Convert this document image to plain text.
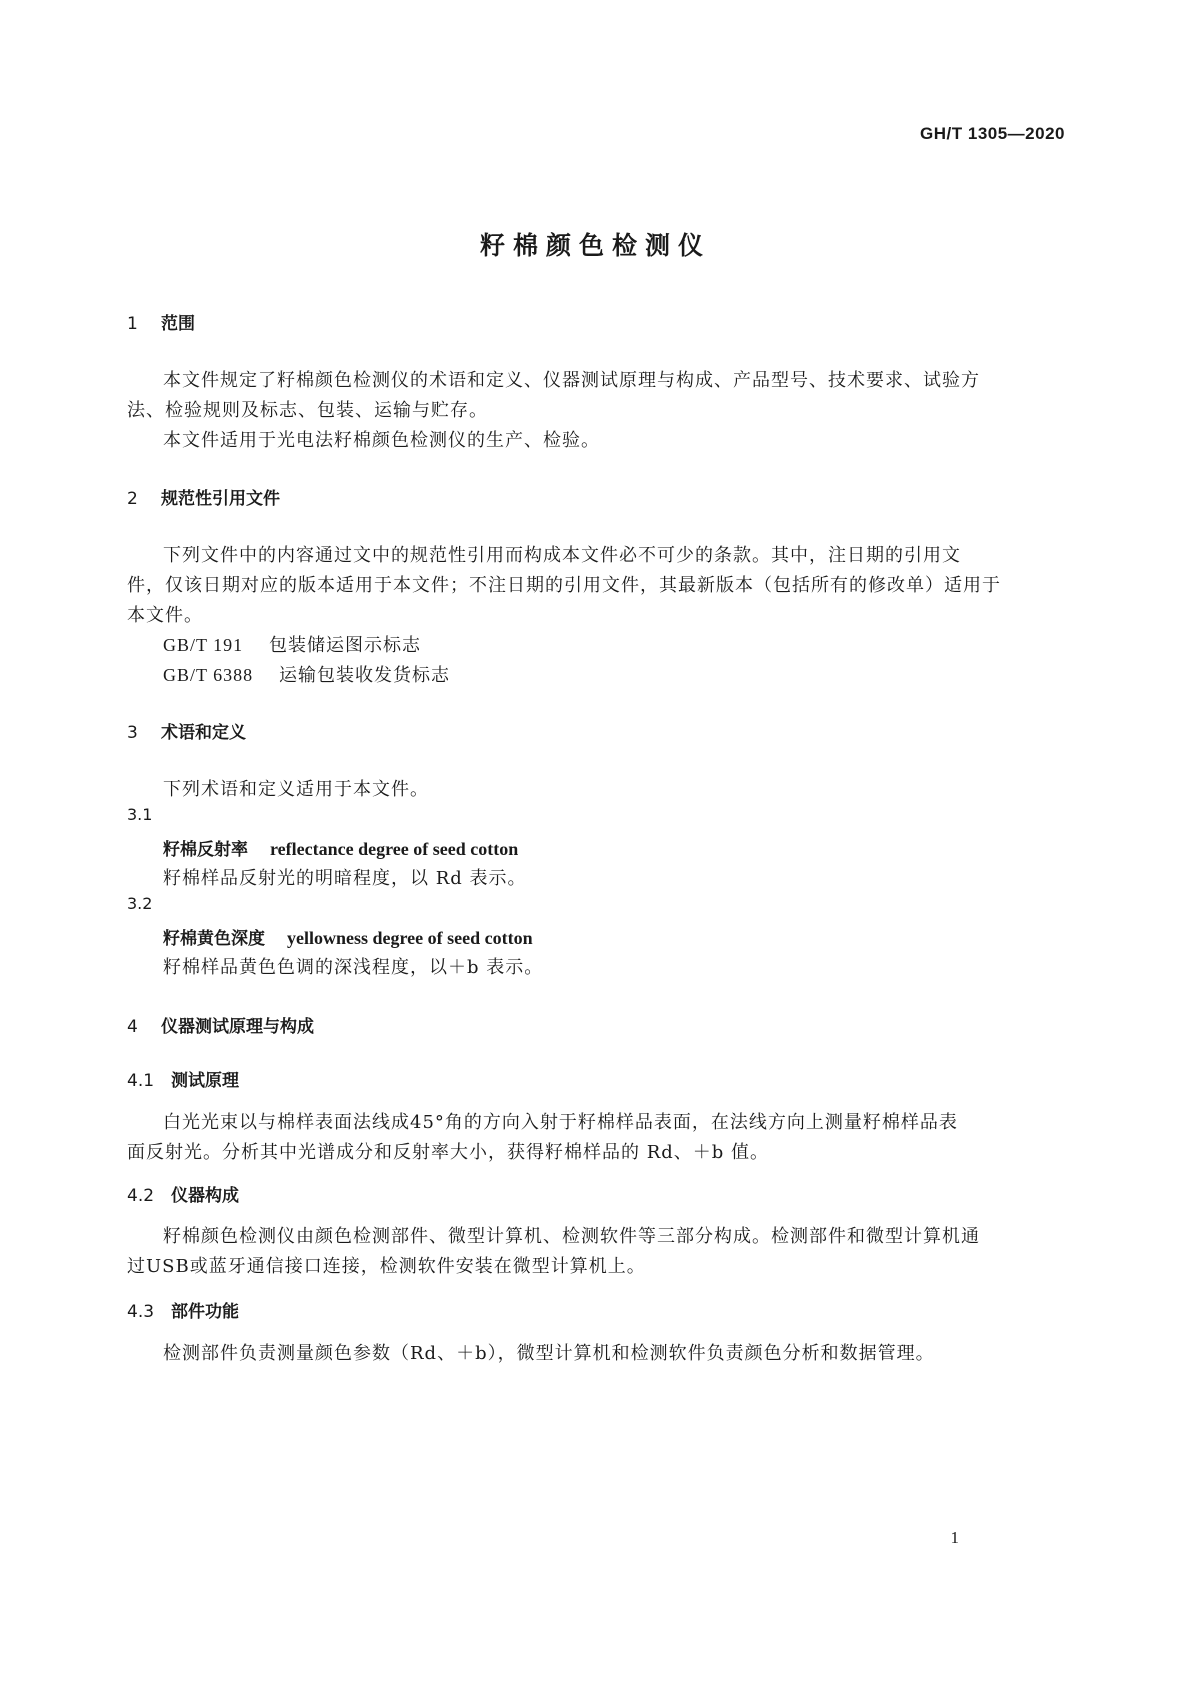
GH/T 1305—2020
籽棉颜色检测仪
1 范围
本文件规定了籽棉颜色检测仪的术语和定义、仪器测试原理与构成、产品型号、技术要求、试验方
法、检验规则及标志、包装、运输与贮存。
本文件适用于光电法籽棉颜色检测仪的生产、检验。
2 规范性引用文件
下列文件中的内容通过文中的规范性引用而构成本文件必不可少的条款。其中，注日期的引用文
件，仅该日期对应的版本适用于本文件；不注日期的引用文件，其最新版本（包括所有的修改单）适用于
本文件。
GB/T 191 包装储运图示标志
GB/T 6388 运输包装收发货标志
3 术语和定义
下列术语和定义适用于本文件。
3.1
籽棉反射率 reflectance degree of seed cotton
籽棉样品反射光的明暗程度，以 Rd 表示。
3.2
籽棉黄色深度 yellowness degree of seed cotton
籽棉样品黄色色调的深浅程度，以＋b 表示。
4 仪器测试原理与构成
4.1 测试原理
白光光束以与棉样表面法线成45°角的方向入射于籽棉样品表面，在法线方向上测量籽棉样品表
面反射光。分析其中光谱成分和反射率大小，获得籽棉样品的 Rd、＋b 值。
4.2 仪器构成
籽棉颜色检测仪由颜色检测部件、微型计算机、检测软件等三部分构成。检测部件和微型计算机通
过USB或蓝牙通信接口连接，检测软件安装在微型计算机上。
4.3 部件功能
检测部件负责测量颜色参数（Rd、＋b），微型计算机和检测软件负责颜色分析和数据管理。
1
